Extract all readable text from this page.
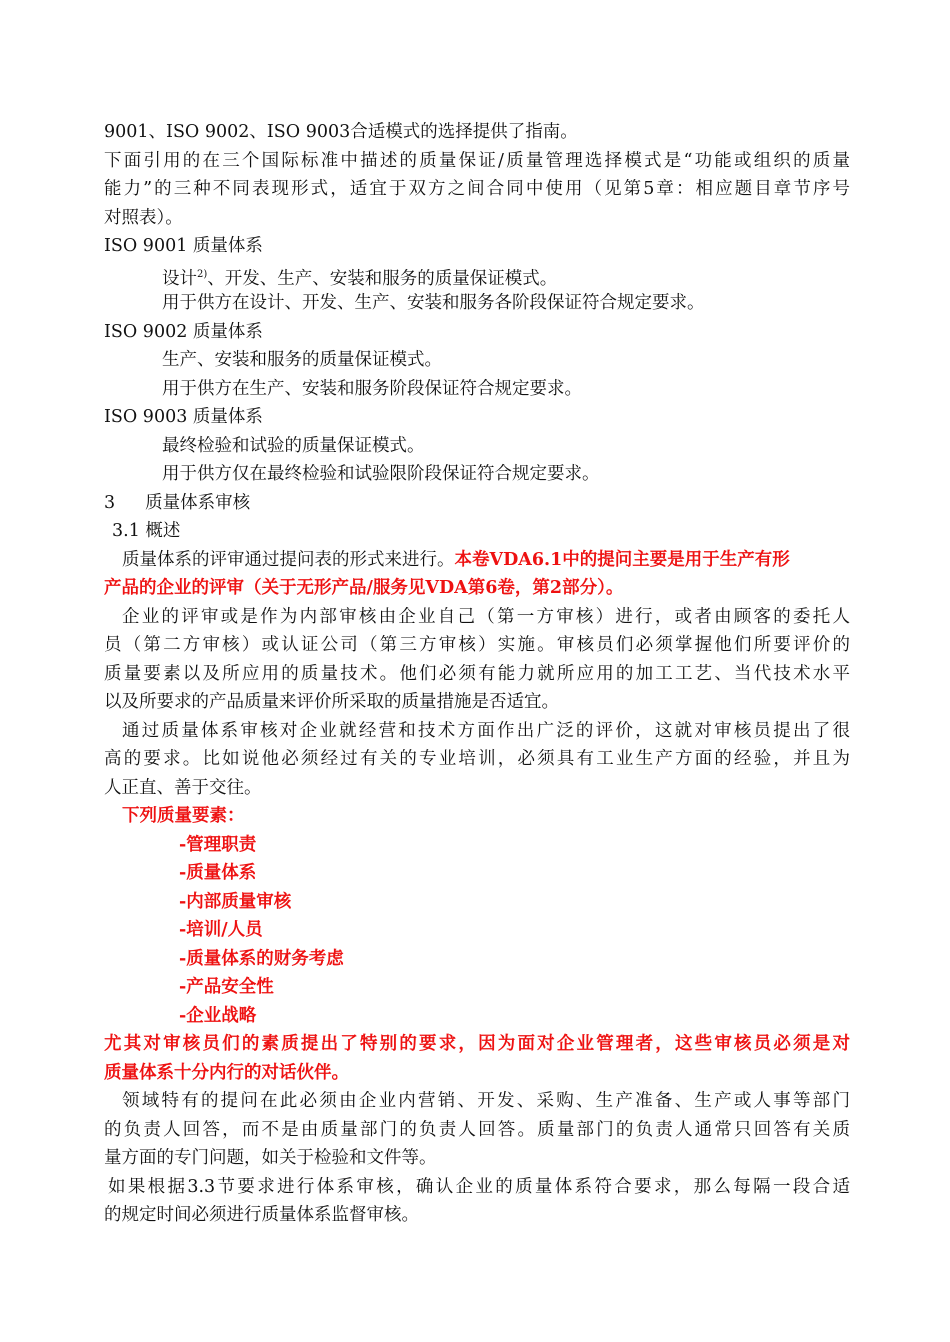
9001、ISO 9002、ISO 9003合适模式的选择提供了指南。
下面引用的在三个国际标准中描述的质量保证/质量管理选择模式是“功能或组织的质量
能力”的三种不同表现形式，适宜于双方之间合同中使用（见第5章：相应题目章节序号
对照表）。
ISO 9001 质量体系
设计$^{2)}$、开发、生产、安装和服务的质量保证模式。
用于供方在设计、开发、生产、安装和服务各阶段保证符合规定要求。
ISO 9002 质量体系
生产、安装和服务的质量保证模式。
用于供方在生产、安装和服务阶段保证符合规定要求。
ISO 9003 质量体系
最终检验和试验的质量保证模式。
用于供方仅在最终检验和试验限阶段保证符合规定要求。
3 质量体系审核
3.1 概述
质量体系的评审通过提问表的形式来进行。本卷VDA6.1中的提问主要是用于生产有形
产品的企业的评审（关于无形产品/服务见VDA第6卷，第2部分）。
企业的评审或是作为内部审核由企业自己（第一方审核）进行，或者由顾客的委托人
员（第二方审核）或认证公司（第三方审核）实施。审核员们必须掌握他们所要评价的
质量要素以及所应用的质量技术。他们必须有能力就所应用的加工工艺、当代技术水平
以及所要求的产品质量来评价所采取的质量措施是否适宜。
通过质量体系审核对企业就经营和技术方面作出广泛的评价，这就对审核员提出了很
高的要求。比如说他必须经过有关的专业培训，必须具有工业生产方面的经验，并且为
人正直、善于交往。
下列质量要素：
-管理职责
-质量体系
-内部质量审核
-培训/人员
-质量体系的财务考虑
-产品安全性
-企业战略
尤其对审核员们的素质提出了特别的要求，因为面对企业管理者，这些审核员必须是对
质量体系十分内行的对话伙伴。
领域特有的提问在此必须由企业内营销、开发、采购、生产准备、生产或人事等部门
的负责人回答，而不是由质量部门的负责人回答。质量部门的负责人通常只回答有关质
量方面的专门问题，如关于检验和文件等。
如果根据3.3节要求进行体系审核，确认企业的质量体系符合要求，那么每隔一段合适
的规定时间必须进行质量体系监督审核。
